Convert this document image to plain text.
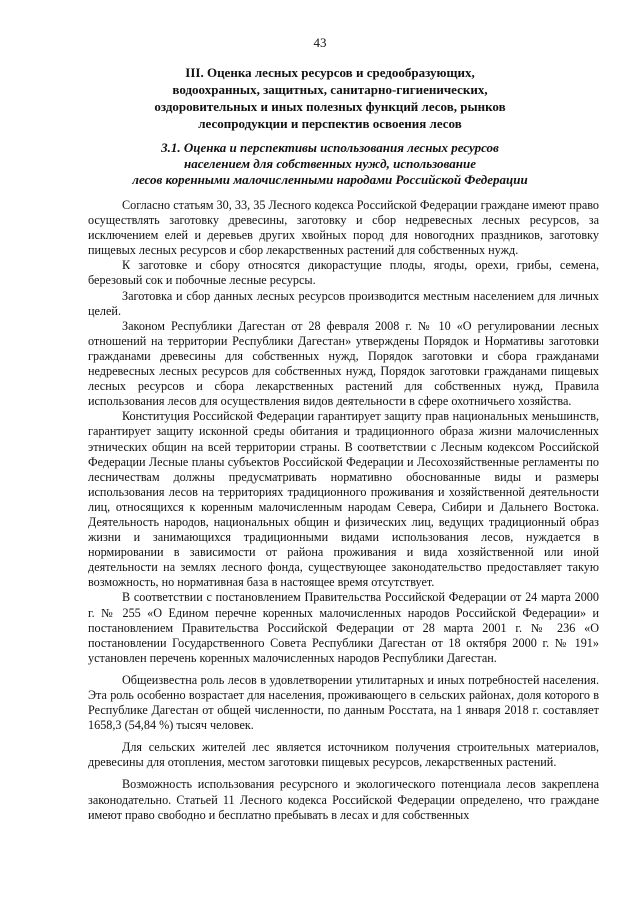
43
III. Оценка лесных ресурсов и средообразующих,
водоохранных, защитных, санитарно-гигиенических,
оздоровительных и иных полезных функций лесов, рынков
лесопродукции и перспектив освоения лесов
3.1. Оценка и перспективы использования лесных ресурсов
населением для собственных нужд, использование
лесов коренными малочисленными народами Российской Федерации

Согласно статьям 30, 33, 35 Лесного кодекса Российской Федерации граждане имеют право осуществлять заготовку древесины, заготовку и сбор недревесных лесных ресурсов, за исключением елей и деревьев других хвойных пород для новогодних праздников, заготовку пищевых лесных ресурсов и сбор лекарственных растений для собственных нужд.

К заготовке и сбору относятся дикорастущие плоды, ягоды, орехи, грибы, семена, березовый сок и побочные лесные ресурсы.

Заготовка и сбор данных лесных ресурсов производится местным населением для личных целей.

Законом Республики Дагестан от 28 февраля 2008 г. № 10 «О регулировании лесных отношений на территории Республики Дагестан» утверждены Порядок и Нормативы заготовки гражданами древесины для собственных нужд, Порядок заготовки и сбора гражданами недревесных лесных ресурсов для собственных нужд, Порядок заготовки гражданами пищевых лесных ресурсов и сбора лекарственных растений для собственных нужд, Правила использования лесов для осуществления видов деятельности в сфере охотничьего хозяйства.

Конституция Российской Федерации гарантирует защиту прав национальных меньшинств, гарантирует защиту исконной среды обитания и традиционного образа жизни малочисленных этнических общин на всей территории страны. В соответствии с Лесным кодексом Российской Федерации Лесные планы субъектов Российской Федерации и Лесохозяйственные регламенты по лесничествам должны предусматривать нормативно обоснованные виды и размеры использования лесов на территориях традиционного проживания и хозяйственной деятельности лиц, относящихся к коренным малочисленным народам Севера, Сибири и Дальнего Востока. Деятельность народов, национальных общин и физических лиц, ведущих традиционный образ жизни и занимающихся традиционными видами использования лесов, нуждается в нормировании в зависимости от района проживания и вида хозяйственной или иной деятельности на землях лесного фонда, существующее законодательство предоставляет такую возможность, но нормативная база в настоящее время отсутствует.

В соответствии с постановлением Правительства Российской Федерации от 24 марта 2000 г. № 255 «О Едином перечне коренных малочисленных народов Российской Федерации» и постановлением Правительства Российской Федерации от 28 марта 2001 г. № 236 «О постановлении Государственного Совета Республики Дагестан от 18 октября 2000 г. № 191» установлен перечень коренных малочисленных народов Республики Дагестан.

Общеизвестна роль лесов в удовлетворении утилитарных и иных потребностей населения. Эта роль особенно возрастает для населения, проживающего в сельских районах, доля которого в Республике Дагестан от общей численности, по данным Росстата, на 1 января 2018 г. составляет 1658,3 (54,84 %) тысяч человек.

Для сельских жителей лес является источником получения строительных материалов, древесины для отопления, местом заготовки пищевых ресурсов, лекарственных растений.

Возможность использования ресурсного и экологического потенциала лесов закреплена законодательно. Статьей 11 Лесного кодекса Российской Федерации определено, что граждане имеют право свободно и бесплатно пребывать в лесах и для собственных
